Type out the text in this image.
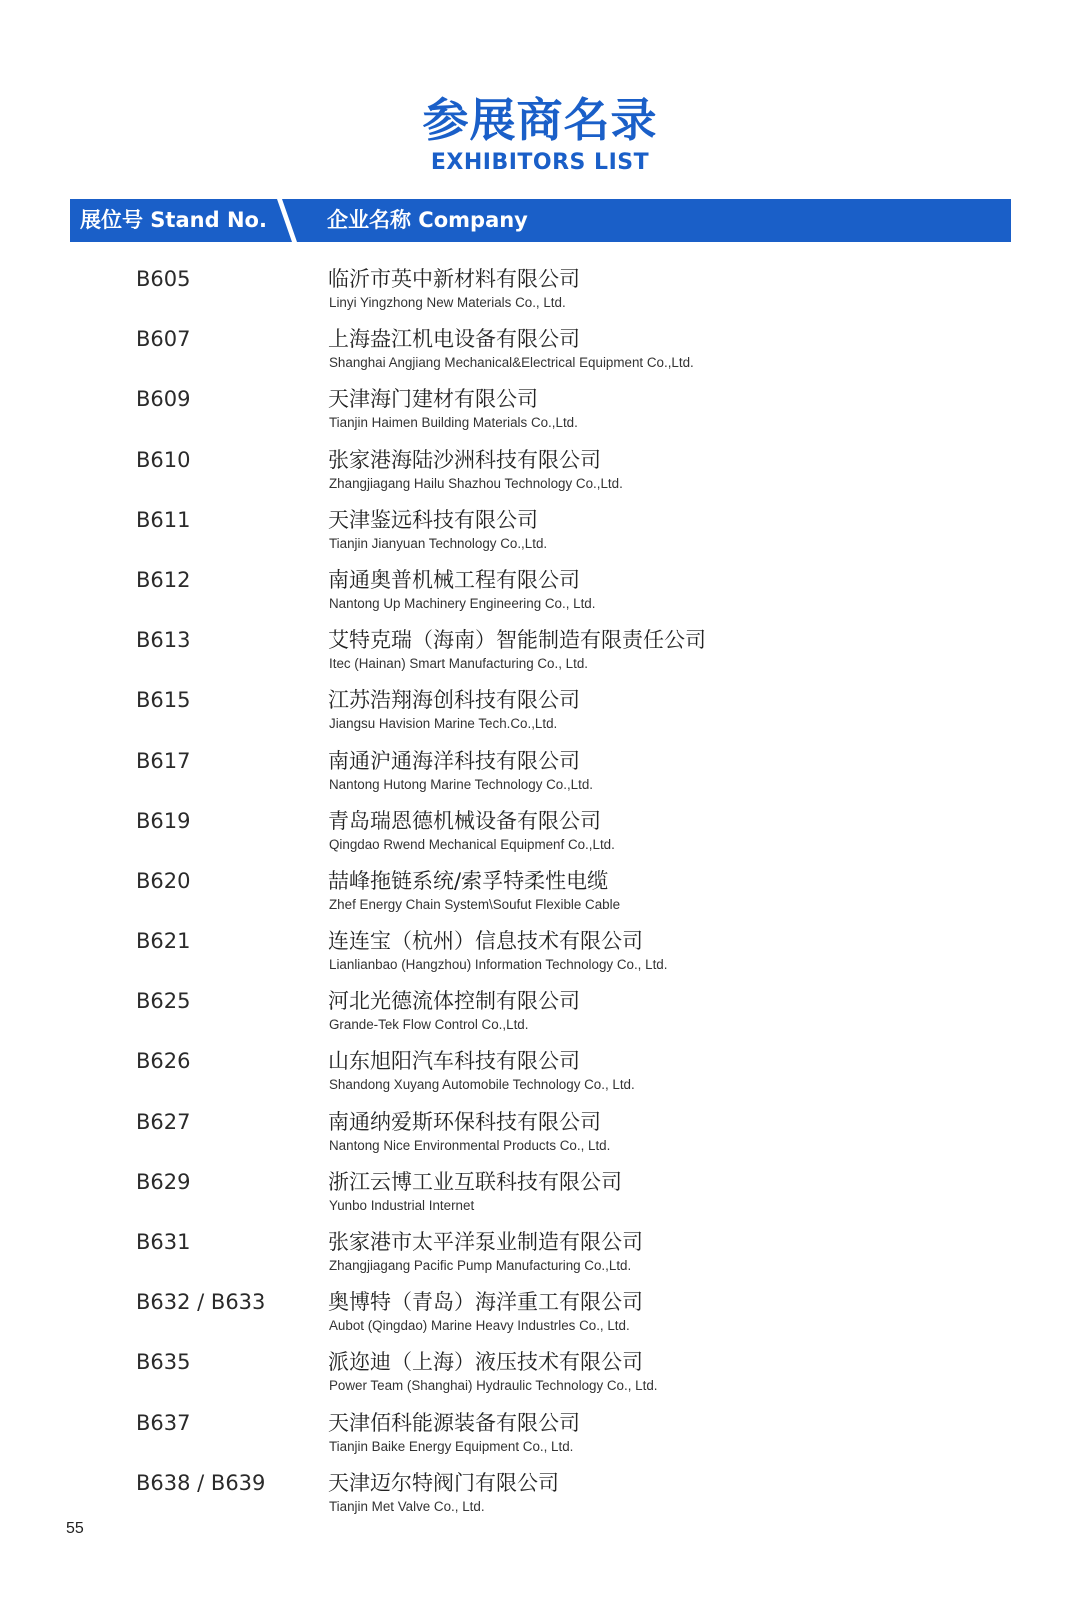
参展商名录
EXHIBITORS LIST
展位号 Stand No.	企业名称 Company
B605	临沂市英中新材料有限公司
Linyi Yingzhong New Materials Co., Ltd.
B607	上海盎江机电设备有限公司
Shanghai Angjiang Mechanical&Electrical Equipment Co.,Ltd.
B609	天津海门建材有限公司
Tianjin Haimen Building Materials Co.,Ltd.
B610	张家港海陆沙洲科技有限公司
Zhangjiagang Hailu Shazhou Technology Co.,Ltd.
B611	天津鉴远科技有限公司
Tianjin Jianyuan Technology Co.,Ltd.
B612	南通奥普机械工程有限公司
Nantong Up Machinery Engineering Co., Ltd.
B613	艾特克瑞（海南）智能制造有限责任公司
Itec (Hainan) Smart Manufacturing Co., Ltd.
B615	江苏浩翔海创科技有限公司
Jiangsu Havision Marine Tech.Co.,Ltd.
B617	南通沪通海洋科技有限公司
Nantong Hutong Marine Technology Co.,Ltd.
B619	青岛瑞恩德机械设备有限公司
Qingdao Rwend Mechanical Equipmenf Co.,Ltd.
B620	喆峰拖链系统/索孚特柔性电缆
Zhef Energy Chain System\Soufut Flexible Cable
B621	连连宝（杭州）信息技术有限公司
Lianlianbao (Hangzhou) Information Technology Co., Ltd.
B625	河北光德流体控制有限公司
Grande-Tek Flow Control Co.,Ltd.
B626	山东旭阳汽车科技有限公司
Shandong Xuyang Automobile Technology Co., Ltd.
B627	南通纳爱斯环保科技有限公司
Nantong Nice Environmental Products Co., Ltd.
B629	浙江云博工业互联科技有限公司
Yunbo Industrial Internet
B631	张家港市太平洋泵业制造有限公司
Zhangjiagang Pacific Pump Manufacturing Co.,Ltd.
B632 / B633	奥博特（青岛）海洋重工有限公司
Aubot (Qingdao) Marine Heavy Industrles Co., Ltd.
B635	派迩迪（上海）液压技术有限公司
Power Team (Shanghai) Hydraulic Technology Co., Ltd.
B637	天津佰科能源装备有限公司
Tianjin Baike Energy Equipment Co., Ltd.
B638 / B639	天津迈尔特阀门有限公司
Tianjin Met Valve Co., Ltd.
55
